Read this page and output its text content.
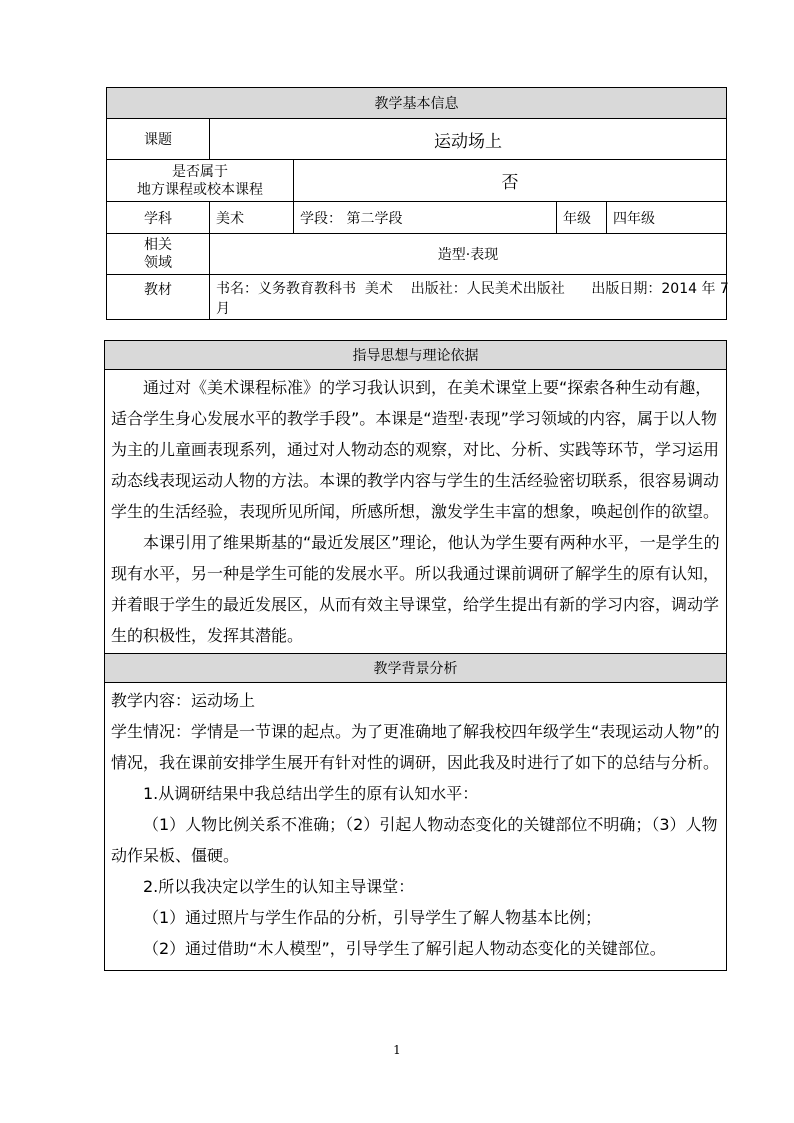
教学基本信息				
课题	运动场上			

是否属于
地方课程或校本课程		否		
学科	美术	学段： 第二学段	年级	四年级

相关
领域	造型·表现			
教材	书名：义务教育教科书  美术    出版社：人民美术出版社      出版日期：2014 年 7
月			
指导思想与理论依据

通过对《美术课程标准》的学习我认识到，在美术课堂上要“探索各种生动有趣，适合学生身心发展水平的教学手段”。本课是“造型·表现”学习领域的内容，属于以人物为主的儿童画表现系列，通过对人物动态的观察，对比、分析、实践等环节，学习运用动态线表现运动人物的方法。本课的教学内容与学生的生活经验密切联系，很容易调动学生的生活经验，表现所见所闻，所感所想，激发学生丰富的想象，唤起创作的欲望。

本课引用了维果斯基的“最近发展区”理论，他认为学生要有两种水平，一是学生的现有水平，另一种是学生可能的发展水平。所以我通过课前调研了解学生的原有认知，并着眼于学生的最近发展区，从而有效主导课堂，给学生提出有新的学习内容，调动学生的积极性，发挥其潜能。

教学背景分析

教学内容：运动场上

学生情况：学情是一节课的起点。为了更准确地了解我校四年级学生“表现运动人物”的情况，我在课前安排学生展开有针对性的调研，因此我及时进行了如下的总结与分析。

1.从调研结果中我总结出学生的原有认知水平：

（1）人物比例关系不准确；（2）引起人物动态变化的关键部位不明确；（3）人物动作呆板、僵硬。

2.所以我决定以学生的认知主导课堂：

（1）通过照片与学生作品的分析，引导学生了解人物基本比例；

（2）通过借助“木人模型”，引导学生了解引起人物动态变化的关键部位。

1
